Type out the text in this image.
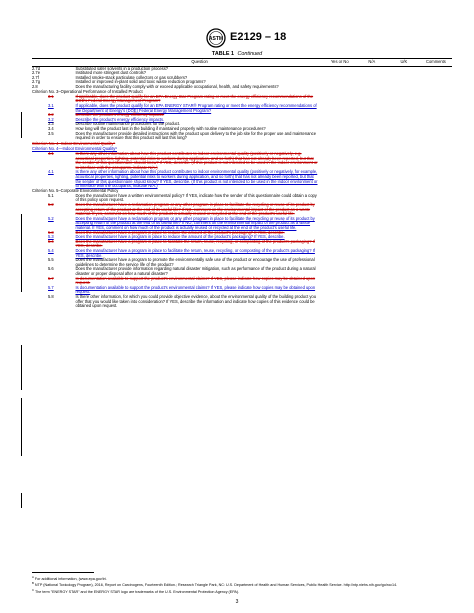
ASTM E2129 – 18
TABLE 1 Continued
	Question	Yes or No	N/A	U/K	Comments
2.7d	Substituted safer solvents in a production process?				
2.7e	Instituted more stringent dust controls?				
2.7f	Installed smoke-stack particulate collectors or gas scrubbers?				
2.7g	Installed or improved in-plant solid and toxic waste reduction programs?				
2.8	Does the manufacturing facility comply with or exceed applicable occupational, health, and safety requirements?				
Criterion No. 3–Operational Performance of Installed Product					
3.1	If applicable, does the product qualify for an EPA Energy Star Program rating or meet the energy efficiency recommendations of the DOE's Federal Energy Management Program?				
3.1	If applicable, does the product qualify for an EPA ENERGY STAR® Program rating or meet the energy efficiency recommendations of the Department of Energy's (DOE) Federal Energy Management Program?				
3.2	Describe the product's energy efficiency impacts.				
3.2	Describe the product's energy efficiency impacts.				
3.3	Describe routine maintenance procedures for the product.				
3.4	How long will the product last in the building if maintained properly with routine maintenance procedures?				
3.5	Does the manufacturer provide detailed instructions with the product upon delivery to the job site for the proper use and maintenance required in order to ensure that this product will last this long?				

Criterion No. 4–Indoor Environmental Quality⁸					
Criterion No. 4—Indoor Environmental Quality⁸					
4.1	Is there any other information about how this product contributes to indoor environmental quality (positively or negatively, e.g. acoustical properties, lighting, potential risks to workers during application, and so forth) that has not already been reported, but that the sender of this questionnaire should know? If YES, describe. (If this product is not intended to be used in the indoor environment or to interface with the occupants, indicate N/A.)				
4.1	Is there any other information about how this product contributes to indoor environmental quality (positively or negatively, for example, acoustical properties, lighting, potential risks to workers during application, and so forth) that has not already been reported, but that the sender of this questionnaire should know? If YES, describe. (If this product is not intended to be used in the indoor environment or to interface with the occupants, indicate N/A.)				
Criterion No. 5–Corporate Environmental Policy					
5.1	Does the manufacturer have a written environmental policy? If YES, indicate how the sender of this questionnaire could obtain a copy of this policy upon request.				
5.2	Does the manufacturer have a reclamation program or any other program in place to facilitate the recycling or reuse of its product by accepting return of the product at the end of its useful life? If NO, comment on the environmental impact of the product as a waste material. If yes, comment on how much of the product is actually reused or recycled at the end of the product's useful life.				
5.2	Does the manufacturer have a reclamation program or any other program in place to facilitate the recycling or reuse of its product by accepting return of the product at the end of its useful life? If NO, comment on the environmental impact of the product as a waste material. If YES, comment on how much of the product is actually reused or recycled at the end of the product's useful life.				
5.3	Does the manufacturer have a program in place to reduce the amount of the product's packaging? If YES, describe.				
5.3	Does the manufacturer have a program in place to reduce the amount of the product's packaging? If YES, describe.				
5.4	Does the manufacturer have a program in place to facilitate the return, reuse, recycling, or composting of the product's packaging? If YES, describe.				
5.4	Does the manufacturer have a program in place to facilitate the return, reuse, recycling, or composting of the product's packaging? If YES, describe.				
5.5	Does the manufacturer have a program to promote the environmentally safe use of the product or encourage the use of professional guidelines to determine the service life of the product?				
5.6	Does the manufacturer provide information regarding natural disaster mitigation, such as performance of the product during a natural disaster or proper disposal after a natural disaster?				
5.7	Is documentation available to support the product's environmental claims? If YES, please indicate how copies may be obtained upon request.				
5.7	Is documentation available to support the product's environmental claims? If YES, please indicate how copies may be obtained upon request.				
5.8	Is there other information, for which you could provide objective evidence, about the environmental quality of the building product you offer that you would like taken into consideration? If YES, describe the information and indicate how copies of this evidence could be obtained upon request.				
$^A$ For additional information, (www.epa.gov/iri.
$^B$ NTP (National Toxicology Program), 2016, Report on Carcinogens, Fourteenth Edition.; Research Triangle Park, NC: U.S. Department of Health and Human Services, Public Health Service. http://ntp.niehs.nih.gov/go/roc14.
$^C$ The term "ENERGY STAR" and the ENERGY STAR logo are trademarks of the U.S. Environmental Protection Agency (EPA).
3
